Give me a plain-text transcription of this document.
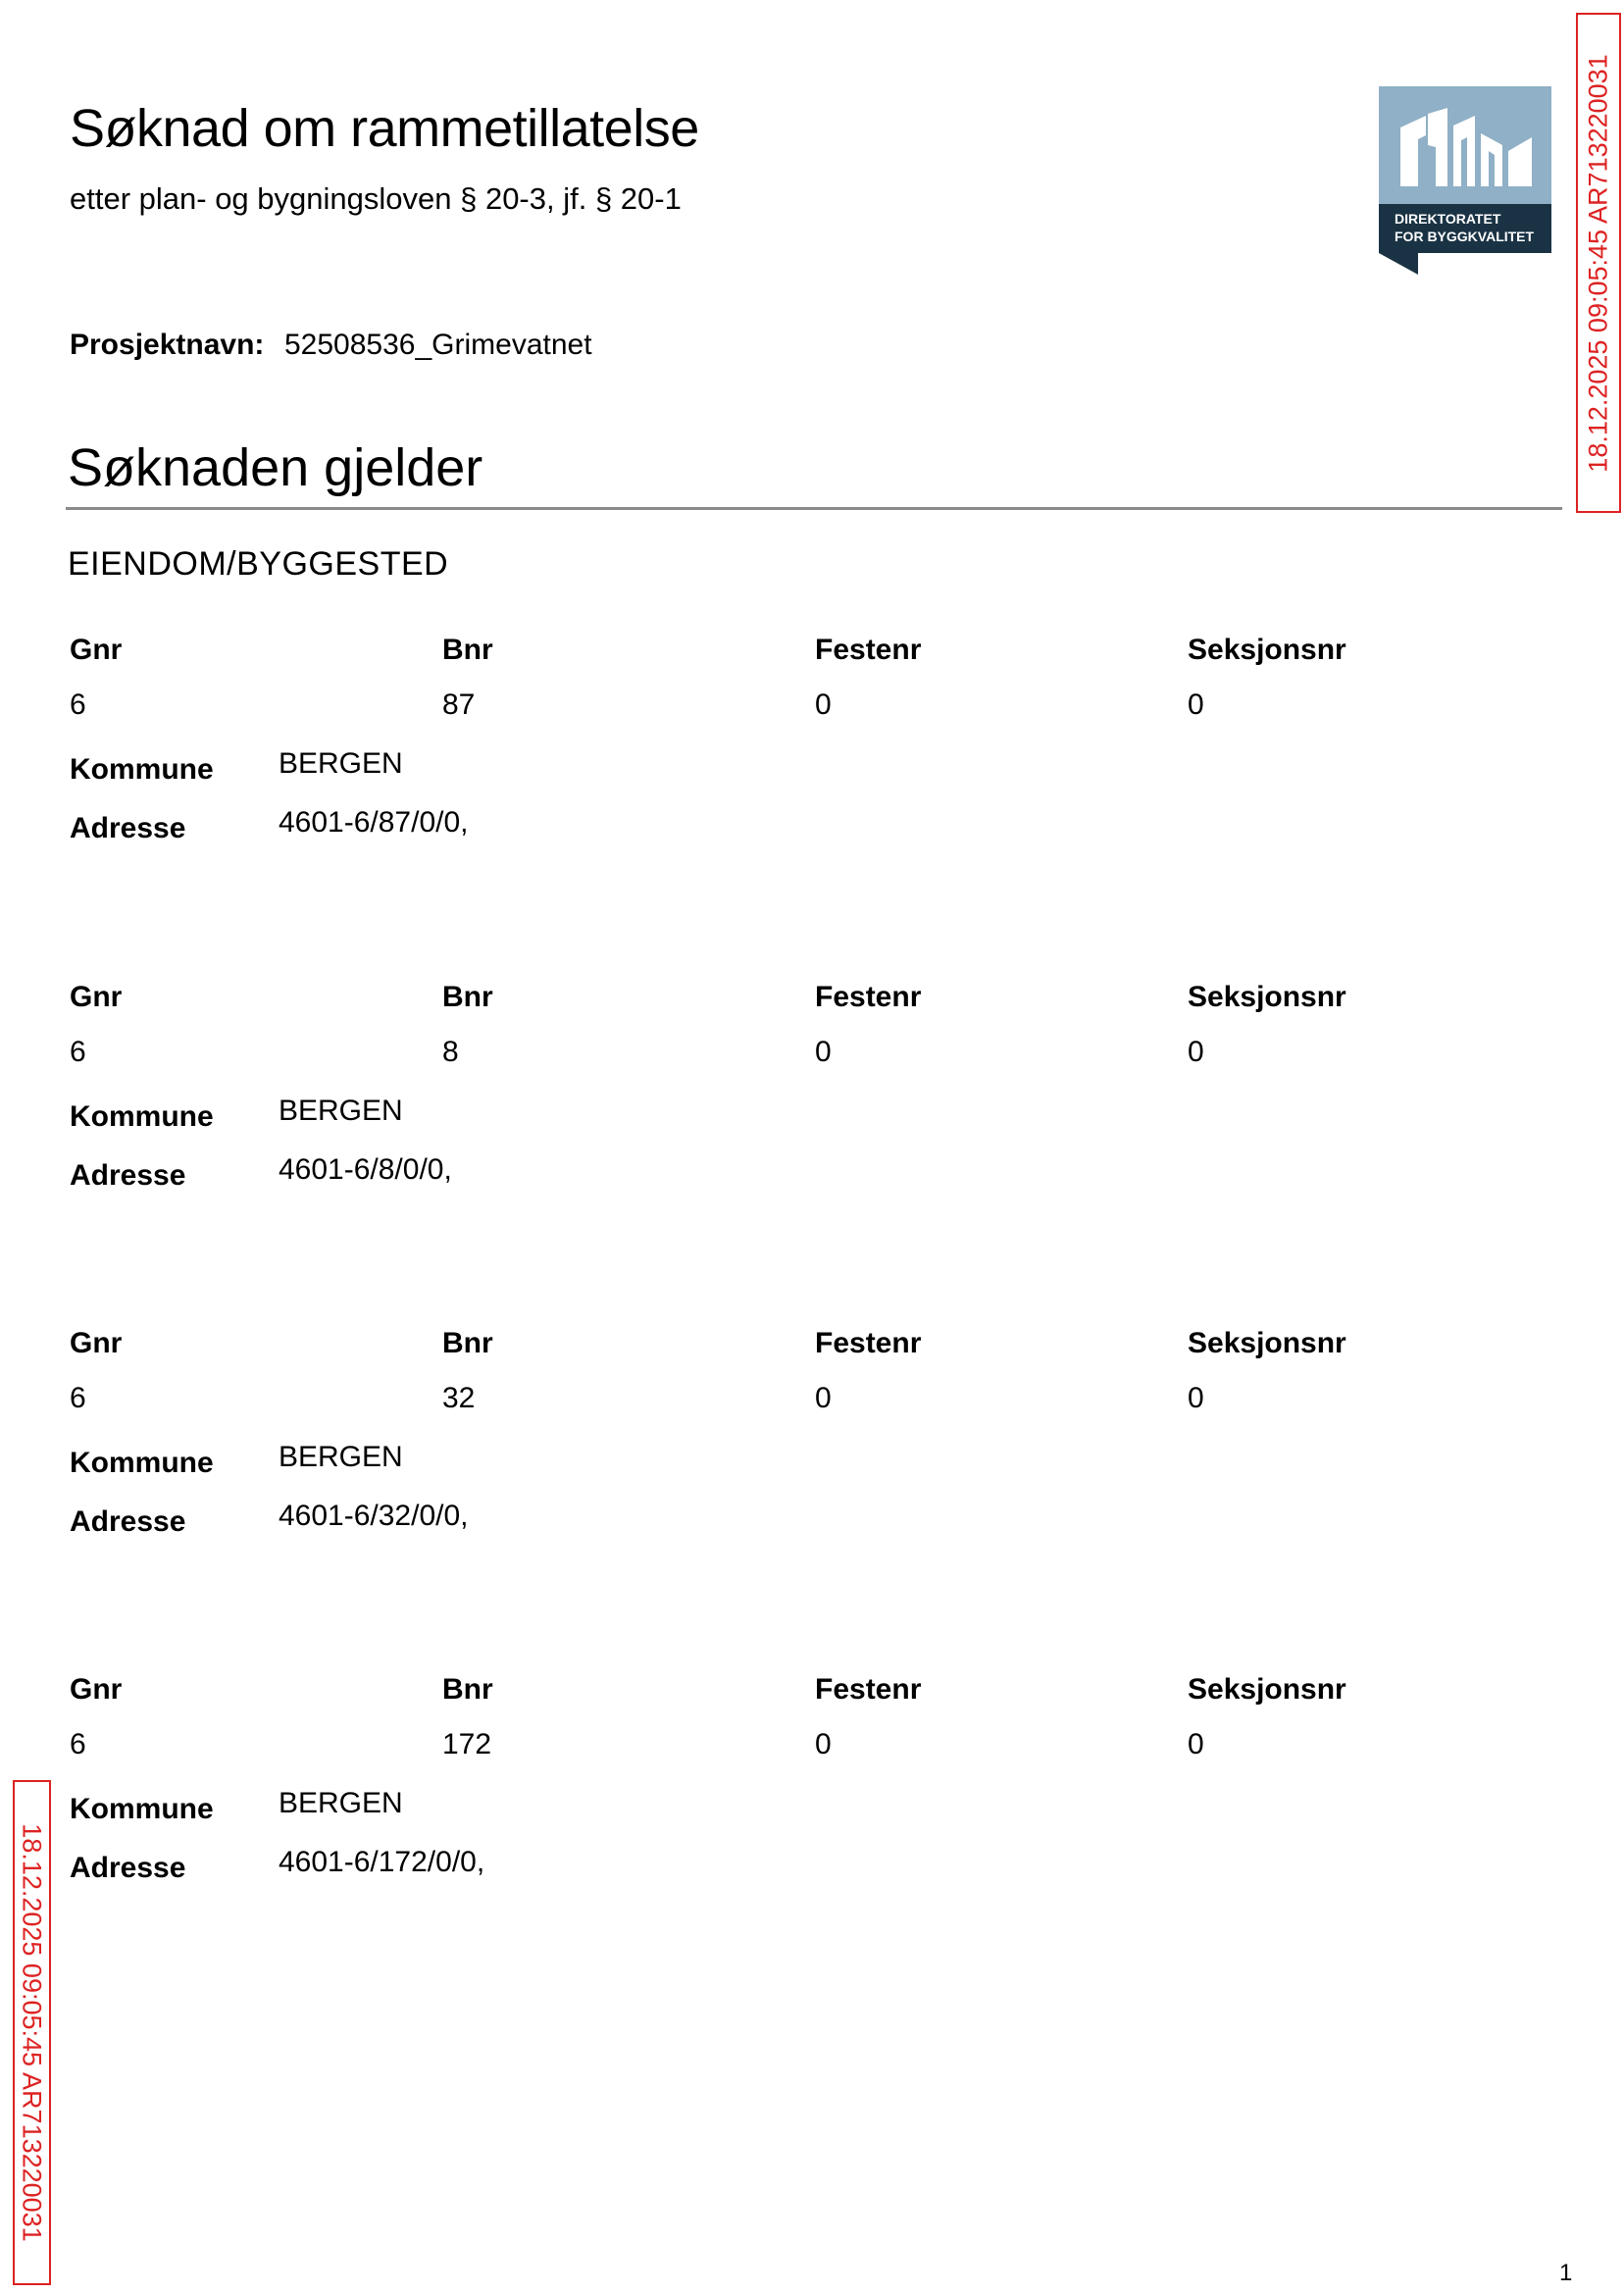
Søknad om rammetillatelse
etter plan- og bygningsloven § 20-3, jf. § 20-1
DIREKTORATET
FOR BYGGKVALITET 18.12.2025 09:05:45 AR713220031
Prosjektnavn: 52508536_Grimevatnet
Søknaden gjelder
EIENDOM/BYGGESTED
Gnr	Bnr	Festenr	Seksjonsnr
6	87	0	0
Kommune BERGEN
Adresse	4601-6/87/0/0,
Gnr	Bnr	Festenr	Seksjonsnr
6	8	0	0
Kommune BERGEN
Adresse	4601-6/8/0/0,
Gnr	Bnr	Festenr	Seksjonsnr
6	32	0	0
Kommune BERGEN
Adresse	4601-6/32/0/0,
Gnr	Bnr	Festenr	Seksjonsnr
6	172	0	0
Kommune BERGEN
Adresse	4601-6/172/0/0,
18.12.2025 09:05:45 AR713220031
1
